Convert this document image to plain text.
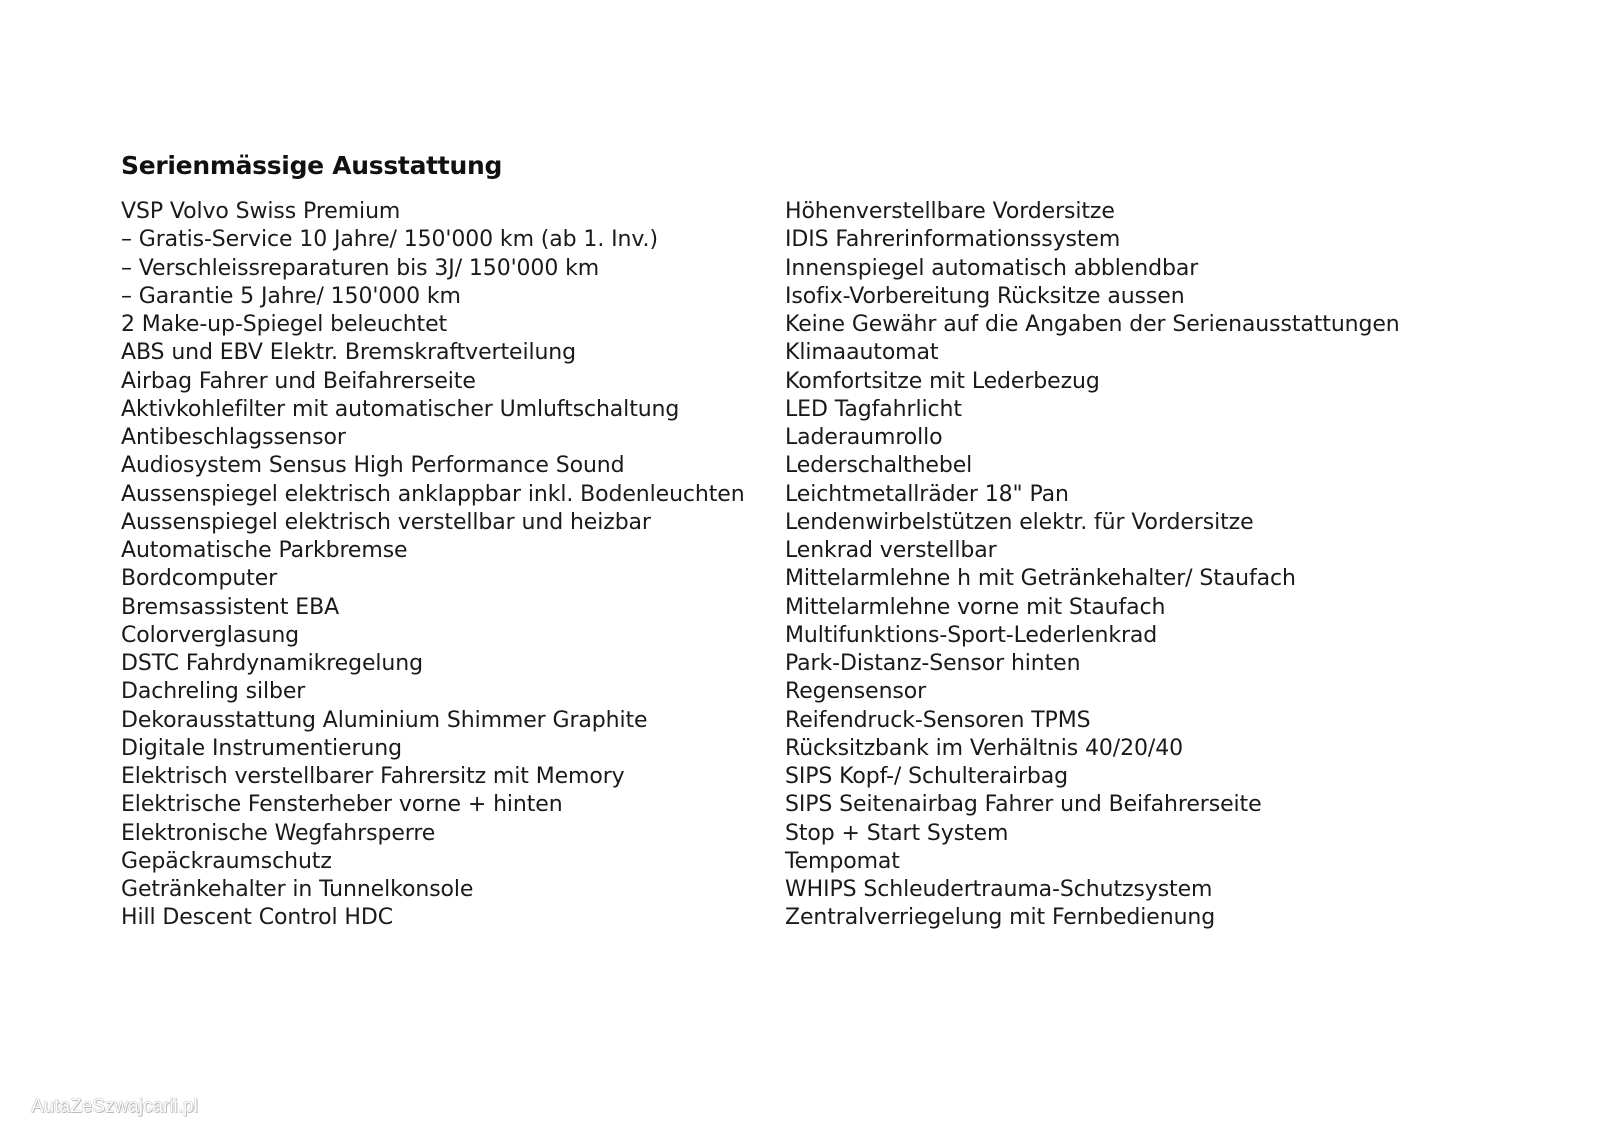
Serienmässige Ausstattung
VSP Volvo Swiss Premium
– Gratis-Service 10 Jahre/ 150'000 km (ab 1. Inv.)
– Verschleissreparaturen bis 3J/ 150'000 km
– Garantie 5 Jahre/ 150'000 km
2 Make-up-Spiegel beleuchtet
ABS und EBV Elektr. Bremskraftverteilung
Airbag Fahrer und Beifahrerseite
Aktivkohlefilter mit automatischer Umluftschaltung
Antibeschlagssensor
Audiosystem Sensus High Performance Sound
Aussenspiegel elektrisch anklappbar inkl. Bodenleuchten
Aussenspiegel elektrisch verstellbar und heizbar
Automatische Parkbremse
Bordcomputer
Bremsassistent EBA
Colorverglasung
DSTC Fahrdynamikregelung
Dachreling silber
Dekorausstattung Aluminium Shimmer Graphite
Digitale Instrumentierung
Elektrisch verstellbarer Fahrersitz mit Memory
Elektrische Fensterheber vorne + hinten
Elektronische Wegfahrsperre
Gepäckraumschutz
Getränkehalter in Tunnelkonsole
Hill Descent Control HDC
Höhenverstellbare Vordersitze
IDIS Fahrerinformationssystem
Innenspiegel automatisch abblendbar
Isofix-Vorbereitung Rücksitze aussen
Keine Gewähr auf die Angaben der Serienausstattungen
Klimaautomat
Komfortsitze mit Lederbezug
LED Tagfahrlicht
Laderaumrollo
Lederschalthebel
Leichtmetallräder 18" Pan
Lendenwirbelstützen elektr. für Vordersitze
Lenkrad verstellbar
Mittelarmlehne h mit Getränkehalter/ Staufach
Mittelarmlehne vorne mit Staufach
Multifunktions-Sport-Lederlenkrad
Park-Distanz-Sensor hinten
Regensensor
Reifendruck-Sensoren TPMS
Rücksitzbank im Verhältnis 40/20/40
SIPS Kopf-/ Schulterairbag
SIPS Seitenairbag Fahrer und Beifahrerseite
Stop + Start System
Tempomat
WHIPS Schleudertrauma-Schutzsystem
Zentralverriegelung mit Fernbedienung
AutaZeSzwajcarii.pl
